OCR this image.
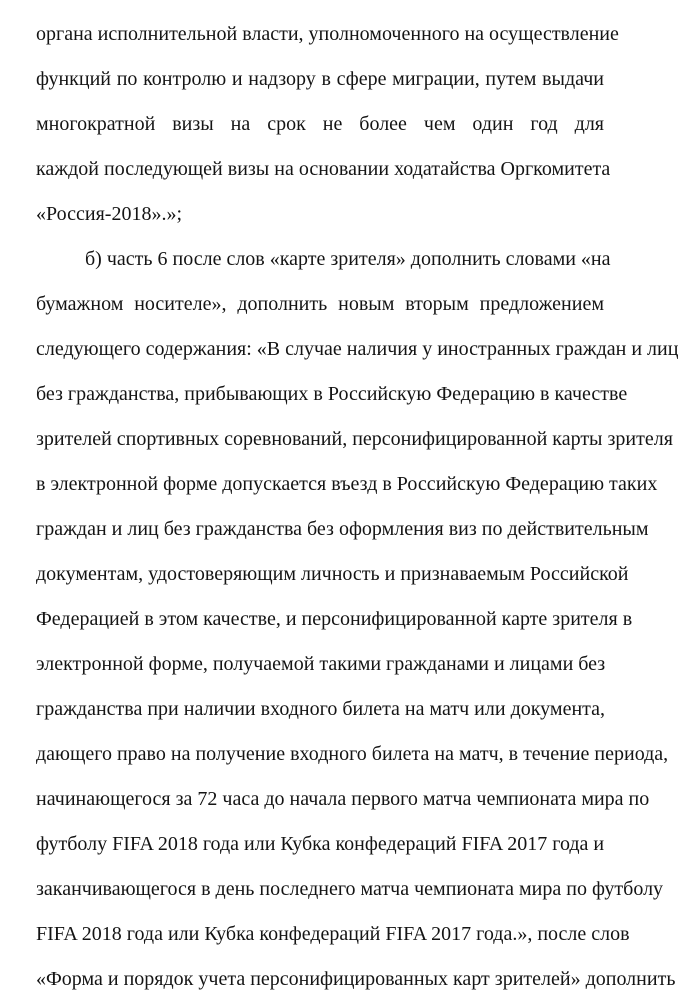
органа исполнительной власти, уполномоченного на осуществление
функций по контролю и надзору в сфере миграции, путем выдачи
многократной визы на срок не более чем один год для
каждой последующей визы на основании ходатайства Оргкомитета
«Россия-2018».»;
б) часть 6 после слов «карте зрителя» дополнить словами «на
бумажном носителе», дополнить новым вторым предложением
следующего содержания: «В случае наличия у иностранных граждан и лиц
без гражданства, прибывающих в Российскую Федерацию в качестве
зрителей спортивных соревнований, персонифицированной карты зрителя
в электронной форме допускается въезд в Российскую Федерацию таких
граждан и лиц без гражданства без оформления виз по действительным
документам, удостоверяющим личность и признаваемым Российской
Федерацией в этом качестве, и персонифицированной карте зрителя в
электронной форме, получаемой такими гражданами и лицами без
гражданства при наличии входного билета на матч или документа,
дающего право на получение входного билета на матч, в течение периода,
начинающегося за 72 часа до начала первого матча чемпионата мира по
футболу FIFA 2018 года или Кубка конфедераций FIFA 2017 года и
заканчивающегося в день последнего матча чемпионата мира по футболу
FIFA 2018 года или Кубка конфедераций FIFA 2017 года.», после слов
«Форма и порядок учета персонифицированных карт зрителей» дополнить
